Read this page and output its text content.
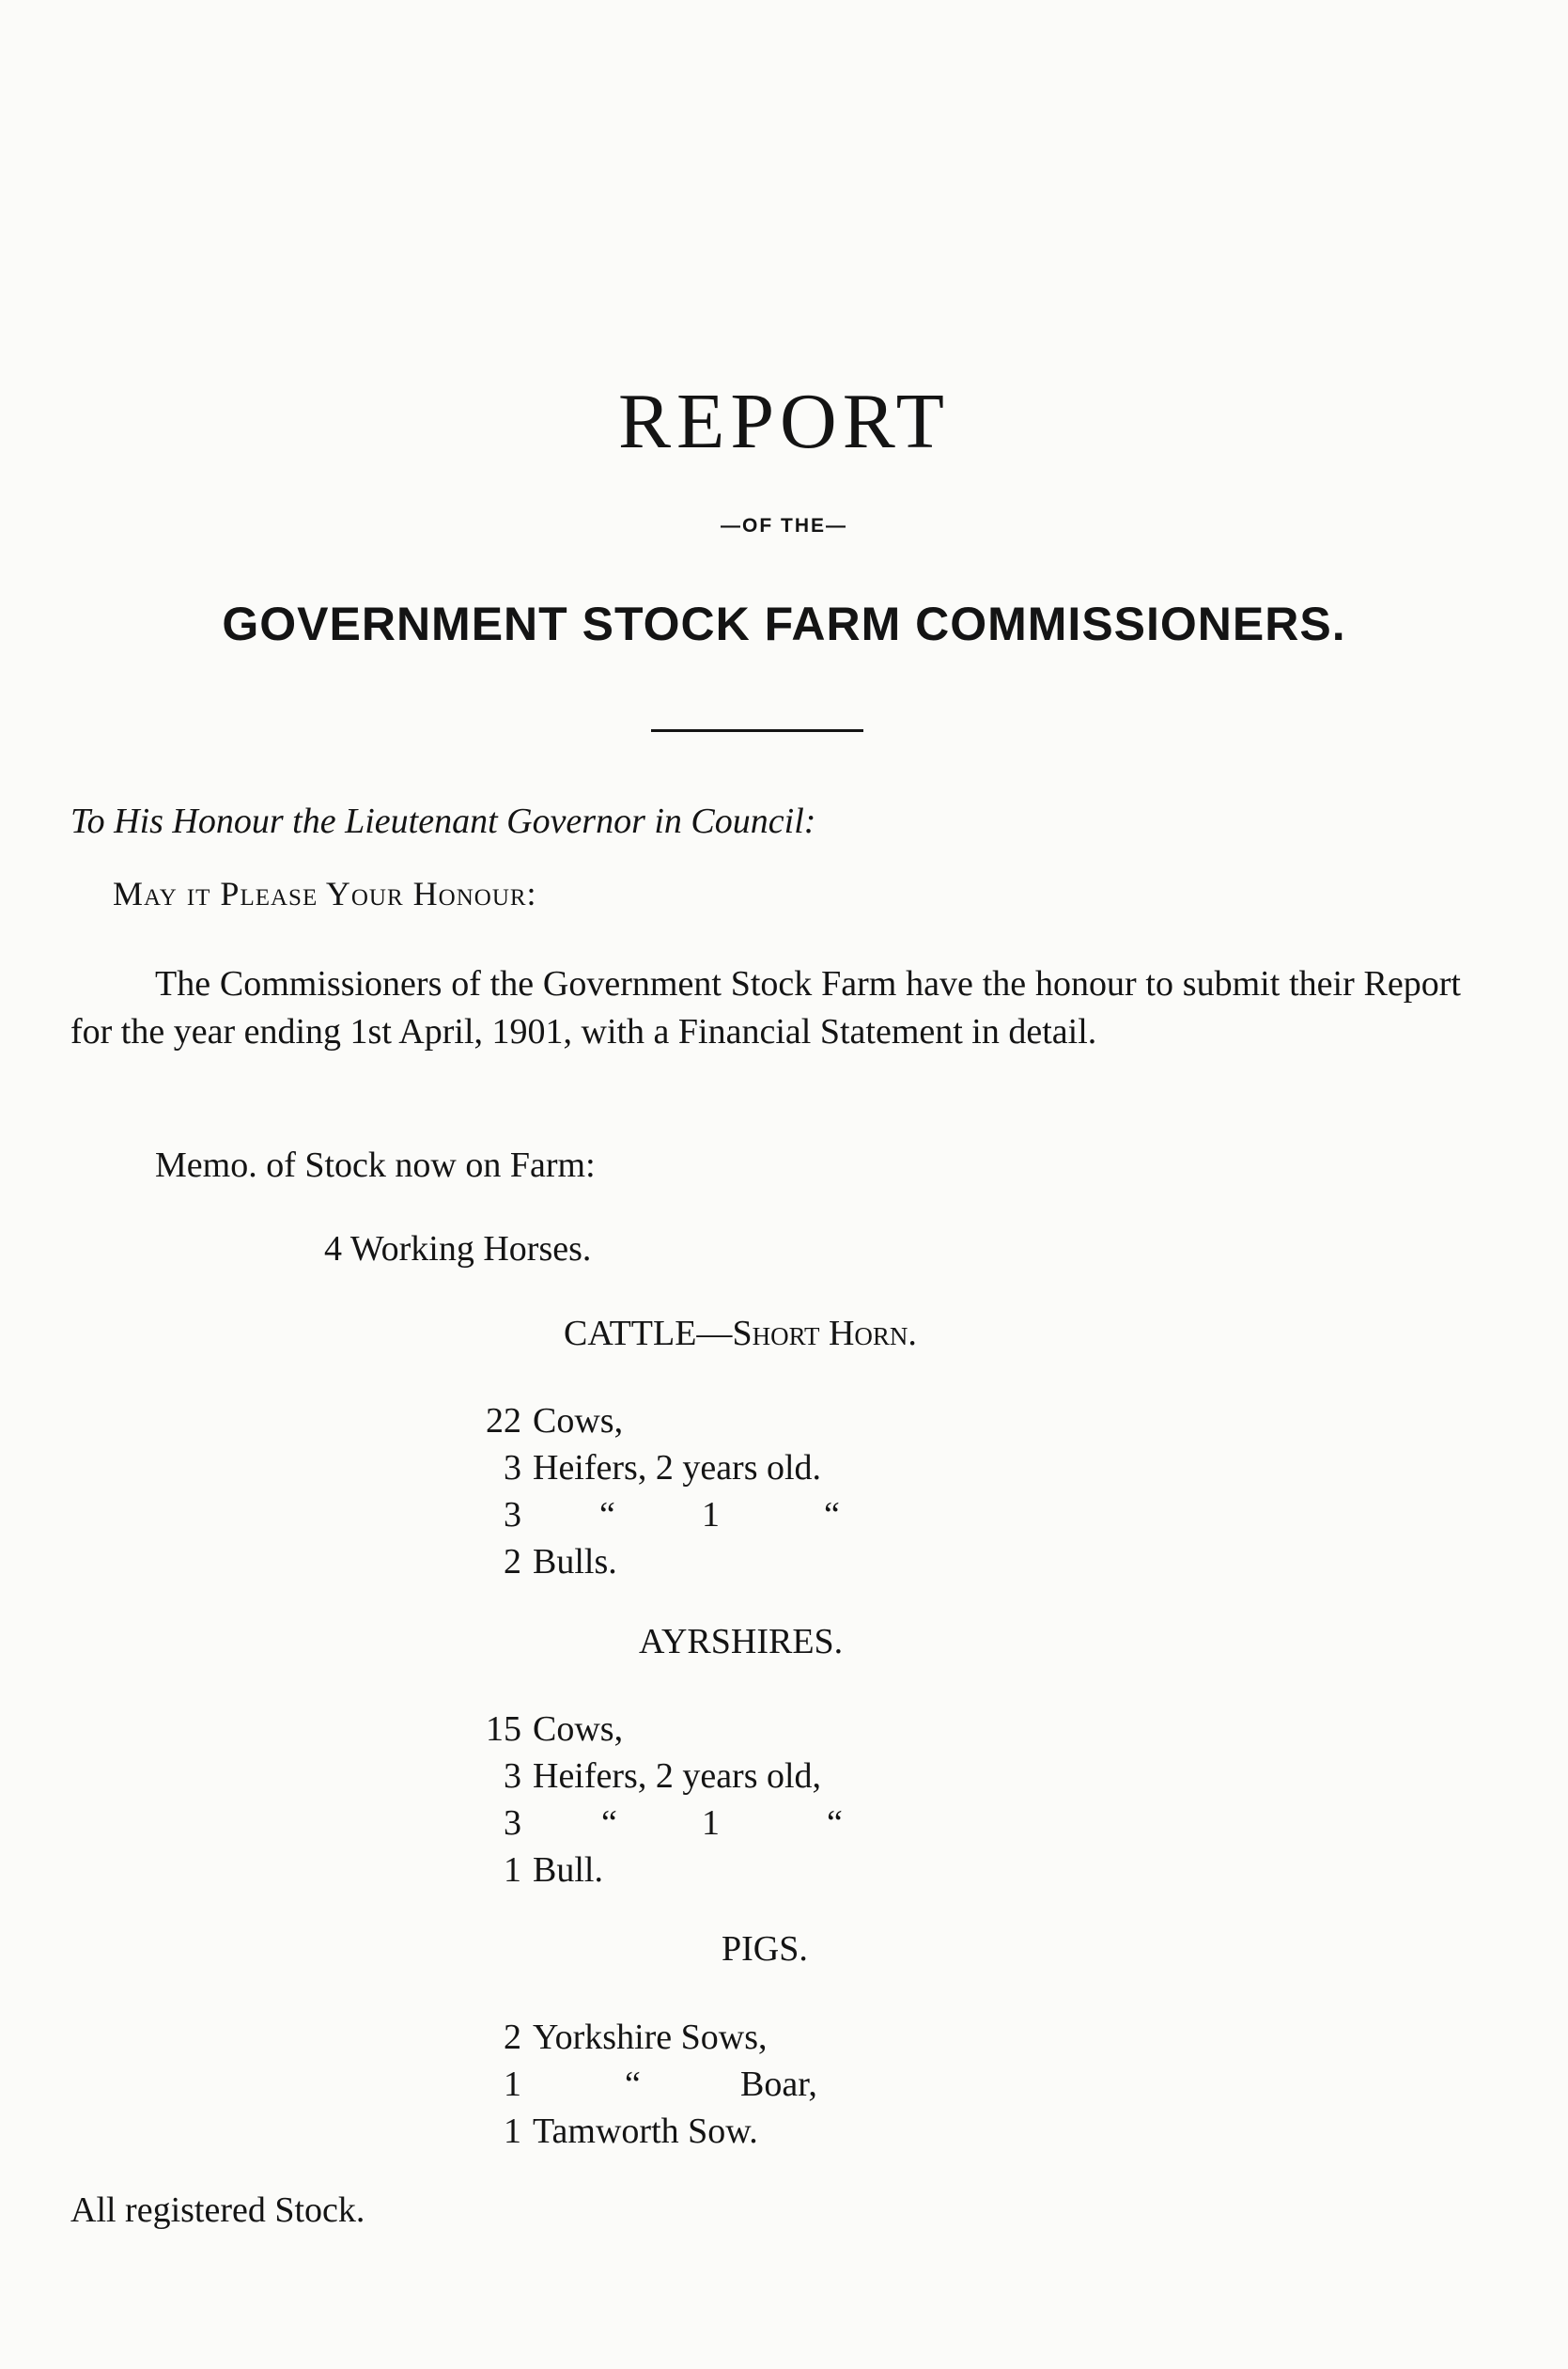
REPORT
—OF THE—
GOVERNMENT STOCK FARM COMMISSIONERS.
To His Honour the Lieutenant Governor in Council:
May it Please Your Honour:
The Commissioners of the Government Stock Farm have the honour to submit their Report for the year ending 1st April, 1901, with a Financial Statement in detail.
Memo. of Stock now on Farm:
4 Working Horses.
CATTLE—Short Horn.
22 Cows,
3 Heifers, 2 years old.
3 “ 1	“
2 Bulls.
AYRSHIRES.
15 Cows,
3 Heifers, 2 years old,
3 “ 1	“
1 Bull.
PIGS.
2 Yorkshire Sows,
1	“	Boar,
1 Tamworth Sow.
All registered Stock.
